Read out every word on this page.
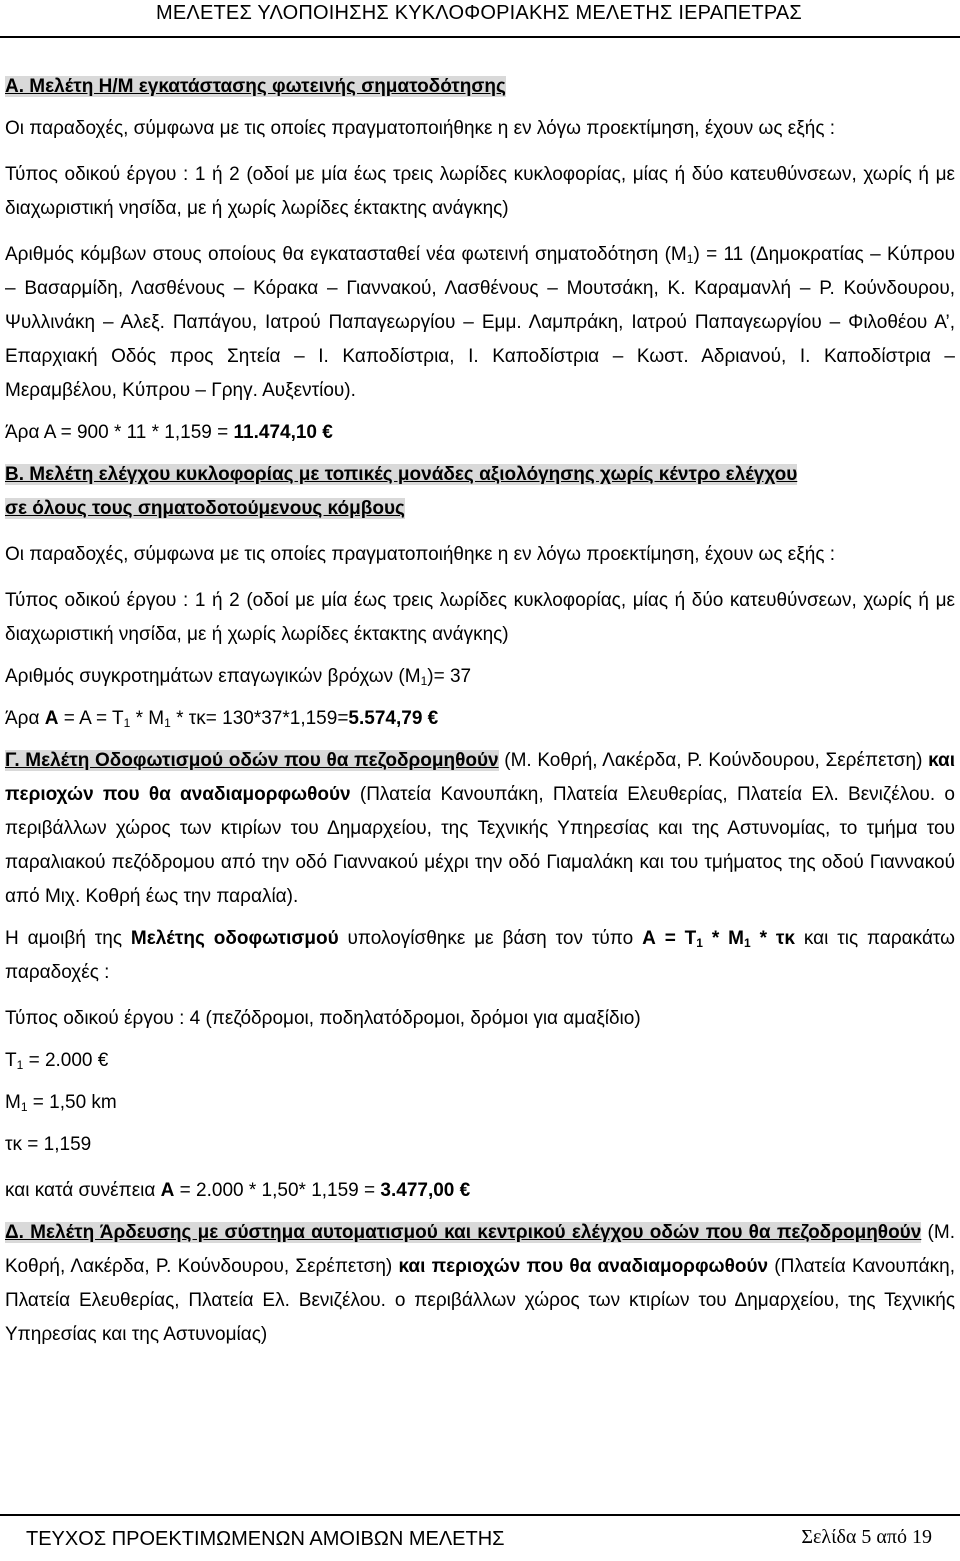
ΜΕΛΕΤΕΣ ΥΛΟΠΟΙΗΣΗΣ ΚΥΚΛΟΦΟΡΙΑΚΗΣ ΜΕΛΕΤΗΣ ΙΕΡΑΠΕΤΡΑΣ

Α. Μελέτη Η/Μ εγκατάστασης φωτεινής σηματοδότησης

Οι παραδοχές, σύμφωνα με τις οποίες πραγματοποιήθηκε η εν λόγω προεκτίμηση, έχουν ως εξής :

Τύπος οδικού έργου : 1 ή 2 (οδοί με μία έως τρεις λωρίδες κυκλοφορίας, μίας ή δύο κατευθύνσεων, χωρίς ή με διαχωριστική νησίδα, με ή χωρίς λωρίδες έκτακτης ανάγκης)

Αριθμός κόμβων στους οποίους θα εγκατασταθεί νέα φωτεινή σηματοδότηση $(M_1) = 11$ (Δημοκρατίας – Κύπρου – Βασαρμίδη, Λασθένους – Κόρακα – Γιαννακού, Λασθένους – Μουτσάκη, Κ. Καραμανλή – Ρ. Κούνδουρου, Ψυλλινάκη – Αλεξ. Παπάγου, Ιατρού Παπαγεωργίου – Εμμ. Λαμπράκη, Ιατρού Παπαγεωργίου – Φιλοθέου Α’, Επαρχιακή Οδός προς Σητεία – Ι. Καποδίστρια, Ι. Καποδίστρια – Κωστ. Αδριανού, Ι. Καποδίστρια – Μεραμβέλου, Κύπρου – Γρηγ. Αυξεντίου).

Άρα Α = 900 * 11 * 1,159 = 11.474,10 €

Β. Μελέτη ελέγχου κυκλοφορίας με τοπικές μονάδες αξιολόγησης χωρίς κέντρο ελέγχου
σε όλους τους σηματοδοτούμενους κόμβους

Οι παραδοχές, σύμφωνα με τις οποίες πραγματοποιήθηκε η εν λόγω προεκτίμηση, έχουν ως εξής :

Τύπος οδικού έργου : 1 ή 2 (οδοί με μία έως τρεις λωρίδες κυκλοφορίας, μίας ή δύο κατευθύνσεων, χωρίς ή με διαχωριστική νησίδα, με ή χωρίς λωρίδες έκτακτης ανάγκης)

Αριθμός συγκροτημάτων επαγωγικών βρόχων $(M_1)= 37$

Άρα $A = A = T_1 * M_1 * \tau\kappa= 130*37*1,159=5.574,79$ €

Γ. Μελέτη Οδοφωτισμού οδών που θα πεζοδρομηθούν (Μ. Κοθρή, Λακέρδα, Ρ. Κούνδουρου, Σερέπετση) και περιοχών που θα αναδιαμορφωθούν (Πλατεία Κανουπάκη, Πλατεία Ελευθερίας, Πλατεία Ελ. Βενιζέλου. ο περιβάλλων χώρος των κτιρίων του Δημαρχείου, της Τεχνικής Υπηρεσίας και της Αστυνομίας, το τμήμα του παραλιακού πεζόδρομου από την οδό Γιαννακού μέχρι την οδό Γιαμαλάκη και του τμήματος της οδού Γιαννακού από Μιχ. Κοθρή έως την παραλία).

Η αμοιβή της Μελέτης οδοφωτισμού υπολογίσθηκε με βάση τον τύπο $A = T_1 * M_1 * \tau\kappa$ και τις παρακάτω παραδοχές :

Τύπος οδικού έργου : 4 (πεζόδρομοι, ποδηλατόδρομοι, δρόμοι για αμαξίδιο)

$T_1 = 2.000$ €

$M_1 = 1,50$ km

τκ = 1,159

και κατά συνέπεια Α = 2.000 * 1,50* 1,159 = 3.477,00 €

Δ. Μελέτη Άρδευσης με σύστημα αυτοματισμού και κεντρικού ελέγχου οδών που θα πεζοδρομηθούν (Μ. Κοθρή, Λακέρδα, Ρ. Κούνδουρου, Σερέπετση) και περιοχών που θα αναδιαμορφωθούν (Πλατεία Κανουπάκη, Πλατεία Ελευθερίας, Πλατεία Ελ. Βενιζέλου. ο περιβάλλων χώρος των κτιρίων του Δημαρχείου, της Τεχνικής Υπηρεσίας και της Αστυνομίας)

ΤΕΥΧΟΣ ΠΡΟΕΚΤΙΜΩΜΕΝΩΝ ΑΜΟΙΒΩΝ ΜΕΛΕΤΗΣ	Σελίδα 5 από 19
